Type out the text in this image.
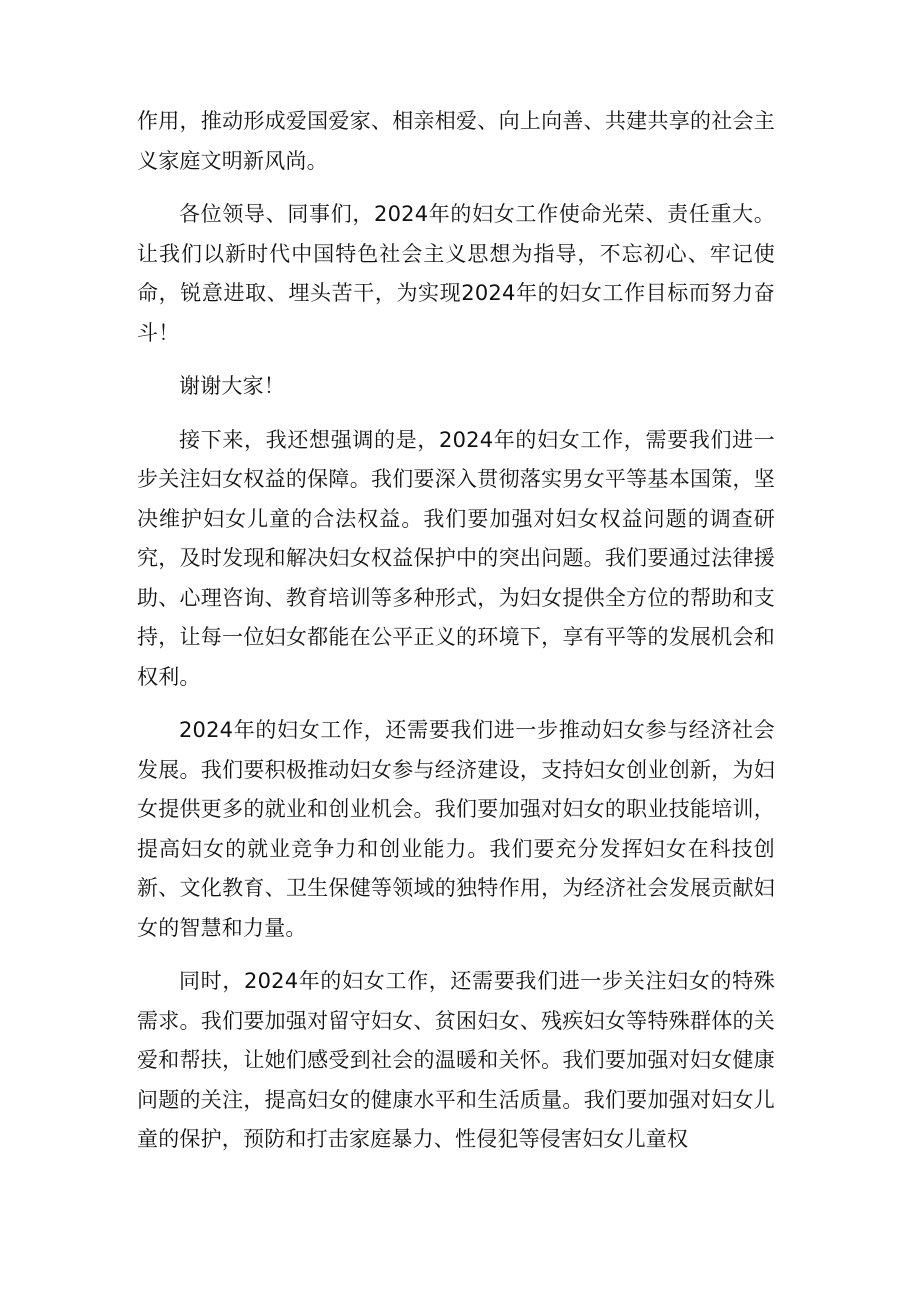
作用，推动形成爱国爱家、相亲相爱、向上向善、共建共享的社会主义家庭文明新风尚。

各位领导、同事们，2024年的妇女工作使命光荣、责任重大。让我们以新时代中国特色社会主义思想为指导，不忘初心、牢记使命，锐意进取、埋头苦干，为实现2024年的妇女工作目标而努力奋斗！

谢谢大家！

接下来，我还想强调的是，2024年的妇女工作，需要我们进一步关注妇女权益的保障。我们要深入贯彻落实男女平等基本国策，坚决维护妇女儿童的合法权益。我们要加强对妇女权益问题的调查研究，及时发现和解决妇女权益保护中的突出问题。我们要通过法律援助、心理咨询、教育培训等多种形式，为妇女提供全方位的帮助和支持，让每一位妇女都能在公平正义的环境下，享有平等的发展机会和权利。

2024年的妇女工作，还需要我们进一步推动妇女参与经济社会发展。我们要积极推动妇女参与经济建设，支持妇女创业创新，为妇女提供更多的就业和创业机会。我们要加强对妇女的职业技能培训，提高妇女的就业竞争力和创业能力。我们要充分发挥妇女在科技创新、文化教育、卫生保健等领域的独特作用，为经济社会发展贡献妇女的智慧和力量。

同时，2024年的妇女工作，还需要我们进一步关注妇女的特殊需求。我们要加强对留守妇女、贫困妇女、残疾妇女等特殊群体的关爱和帮扶，让她们感受到社会的温暖和关怀。我们要加强对妇女健康问题的关注，提高妇女的健康水平和生活质量。我们要加强对妇女儿童的保护，预防和打击家庭暴力、性侵犯等侵害妇女儿童权
